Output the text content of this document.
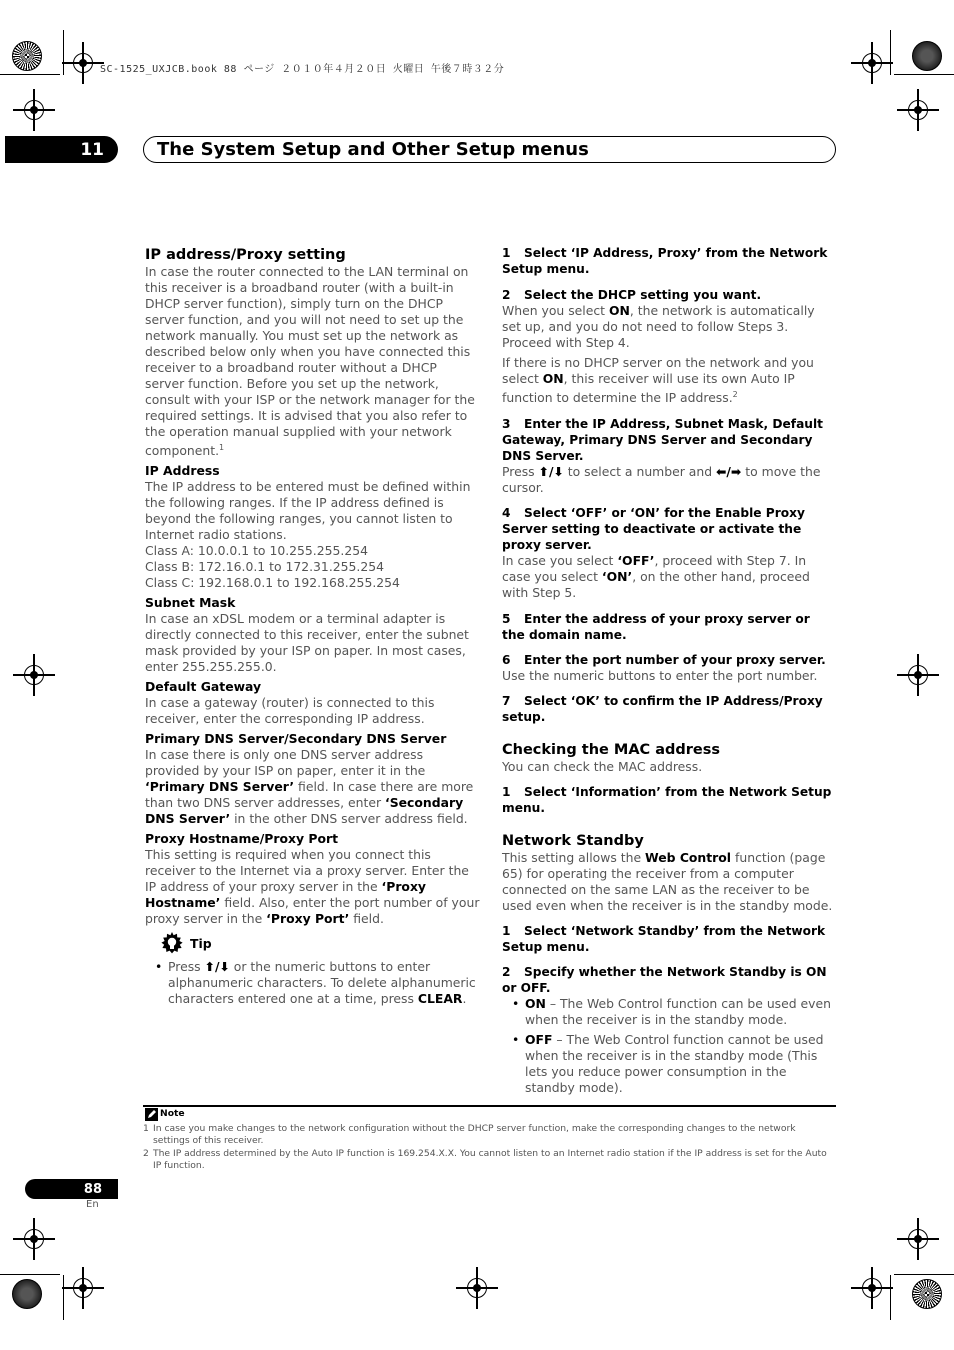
SC-1525_UXJCB.book 88 ページ ２０１０年４月２０日 火曜日 午後７時３２分
11	The System Setup and Other Setup menus
IP address/Proxy setting

In case the router connected to the LAN terminal on this receiver is a broadband router (with a built-in DHCP server function), simply turn on the DHCP server function, and you will not need to set up the network manually. You must set up the network as described below only when you have connected this receiver to a broadband router without a DHCP server function. Before you set up the network, consult with your ISP or the network manager for the required settings. It is advised that you also refer to the operation manual supplied with your network component.$^1$

IP Address

The IP address to be entered must be defined within the following ranges. If the IP address defined is beyond the following ranges, you cannot listen to Internet radio stations.

Class A: 10.0.0.1 to 10.255.255.254

Class B: 172.16.0.1 to 172.31.255.254

Class C: 192.168.0.1 to 192.168.255.254

Subnet Mask

In case an xDSL modem or a terminal adapter is directly connected to this receiver, enter the subnet mask provided by your ISP on paper. In most cases, enter 255.255.255.0.

Default Gateway

In case a gateway (router) is connected to this receiver, enter the corresponding IP address.

Primary DNS Server/Secondary DNS Server

In case there is only one DNS server address provided by your ISP on paper, enter it in the ‘Primary DNS Server’ field. In case there are more than two DNS server addresses, enter ‘Secondary DNS Server’ in the other DNS server address field.

Proxy Hostname/Proxy Port

This setting is required when you connect this receiver to the Internet via a proxy server. Enter the IP address of your proxy server in the ‘Proxy Hostname’ field. Also, enter the port number of your proxy server in the ‘Proxy Port’ field.

Tip
• Press ⬆/⬇ or the numeric buttons to enter alphanumeric characters. To delete alphanumeric characters entered one at a time, press CLEAR.

1 Select ‘IP Address, Proxy’ from the Network Setup menu.
2 Select the DHCP setting you want.

When you select ON, the network is automatically set up, and you do not need to follow Steps 3. Proceed with Step 4.

If there is no DHCP server on the network and you select ON, this receiver will use its own Auto IP function to determine the IP address.$^2$

3 Enter the IP Address, Subnet Mask, Default Gateway, Primary DNS Server and Secondary DNS Server.

Press ⬆/⬇ to select a number and ⬅/➡ to move the cursor.

4 Select ‘OFF’ or ‘ON’ for the Enable Proxy Server setting to deactivate or activate the proxy server.

In case you select ‘OFF’, proceed with Step 7. In case you select ‘ON’, on the other hand, proceed with Step 5.

5 Enter the address of your proxy server or the domain name.
6 Enter the port number of your proxy server.

Use the numeric buttons to enter the port number.

7 Select ‘OK’ to confirm the IP Address/Proxy setup.
Checking the MAC address

You can check the MAC address.

1 Select ‘Information’ from the Network Setup menu.
Network Standby

This setting allows the Web Control function (page 65) for operating the receiver from a computer connected on the same LAN as the receiver to be used even when the receiver is in the standby mode.

1 Select ‘Network Standby’ from the Network Setup menu.
2 Specify whether the Network Standby is ON or OFF.
• ON – The Web Control function can be used even when the receiver is in the standby mode.

• OFF – The Web Control function cannot be used when the receiver is in the standby mode (This lets you reduce power consumption in the standby mode).

Note
1 In case you make changes to the network configuration without the DHCP server function, make the corresponding changes to the network settings of this receiver.
2 The IP address determined by the Auto IP function is 169.254.X.X. You cannot listen to an Internet radio station if the IP address is set for the Auto IP function.
88
En
